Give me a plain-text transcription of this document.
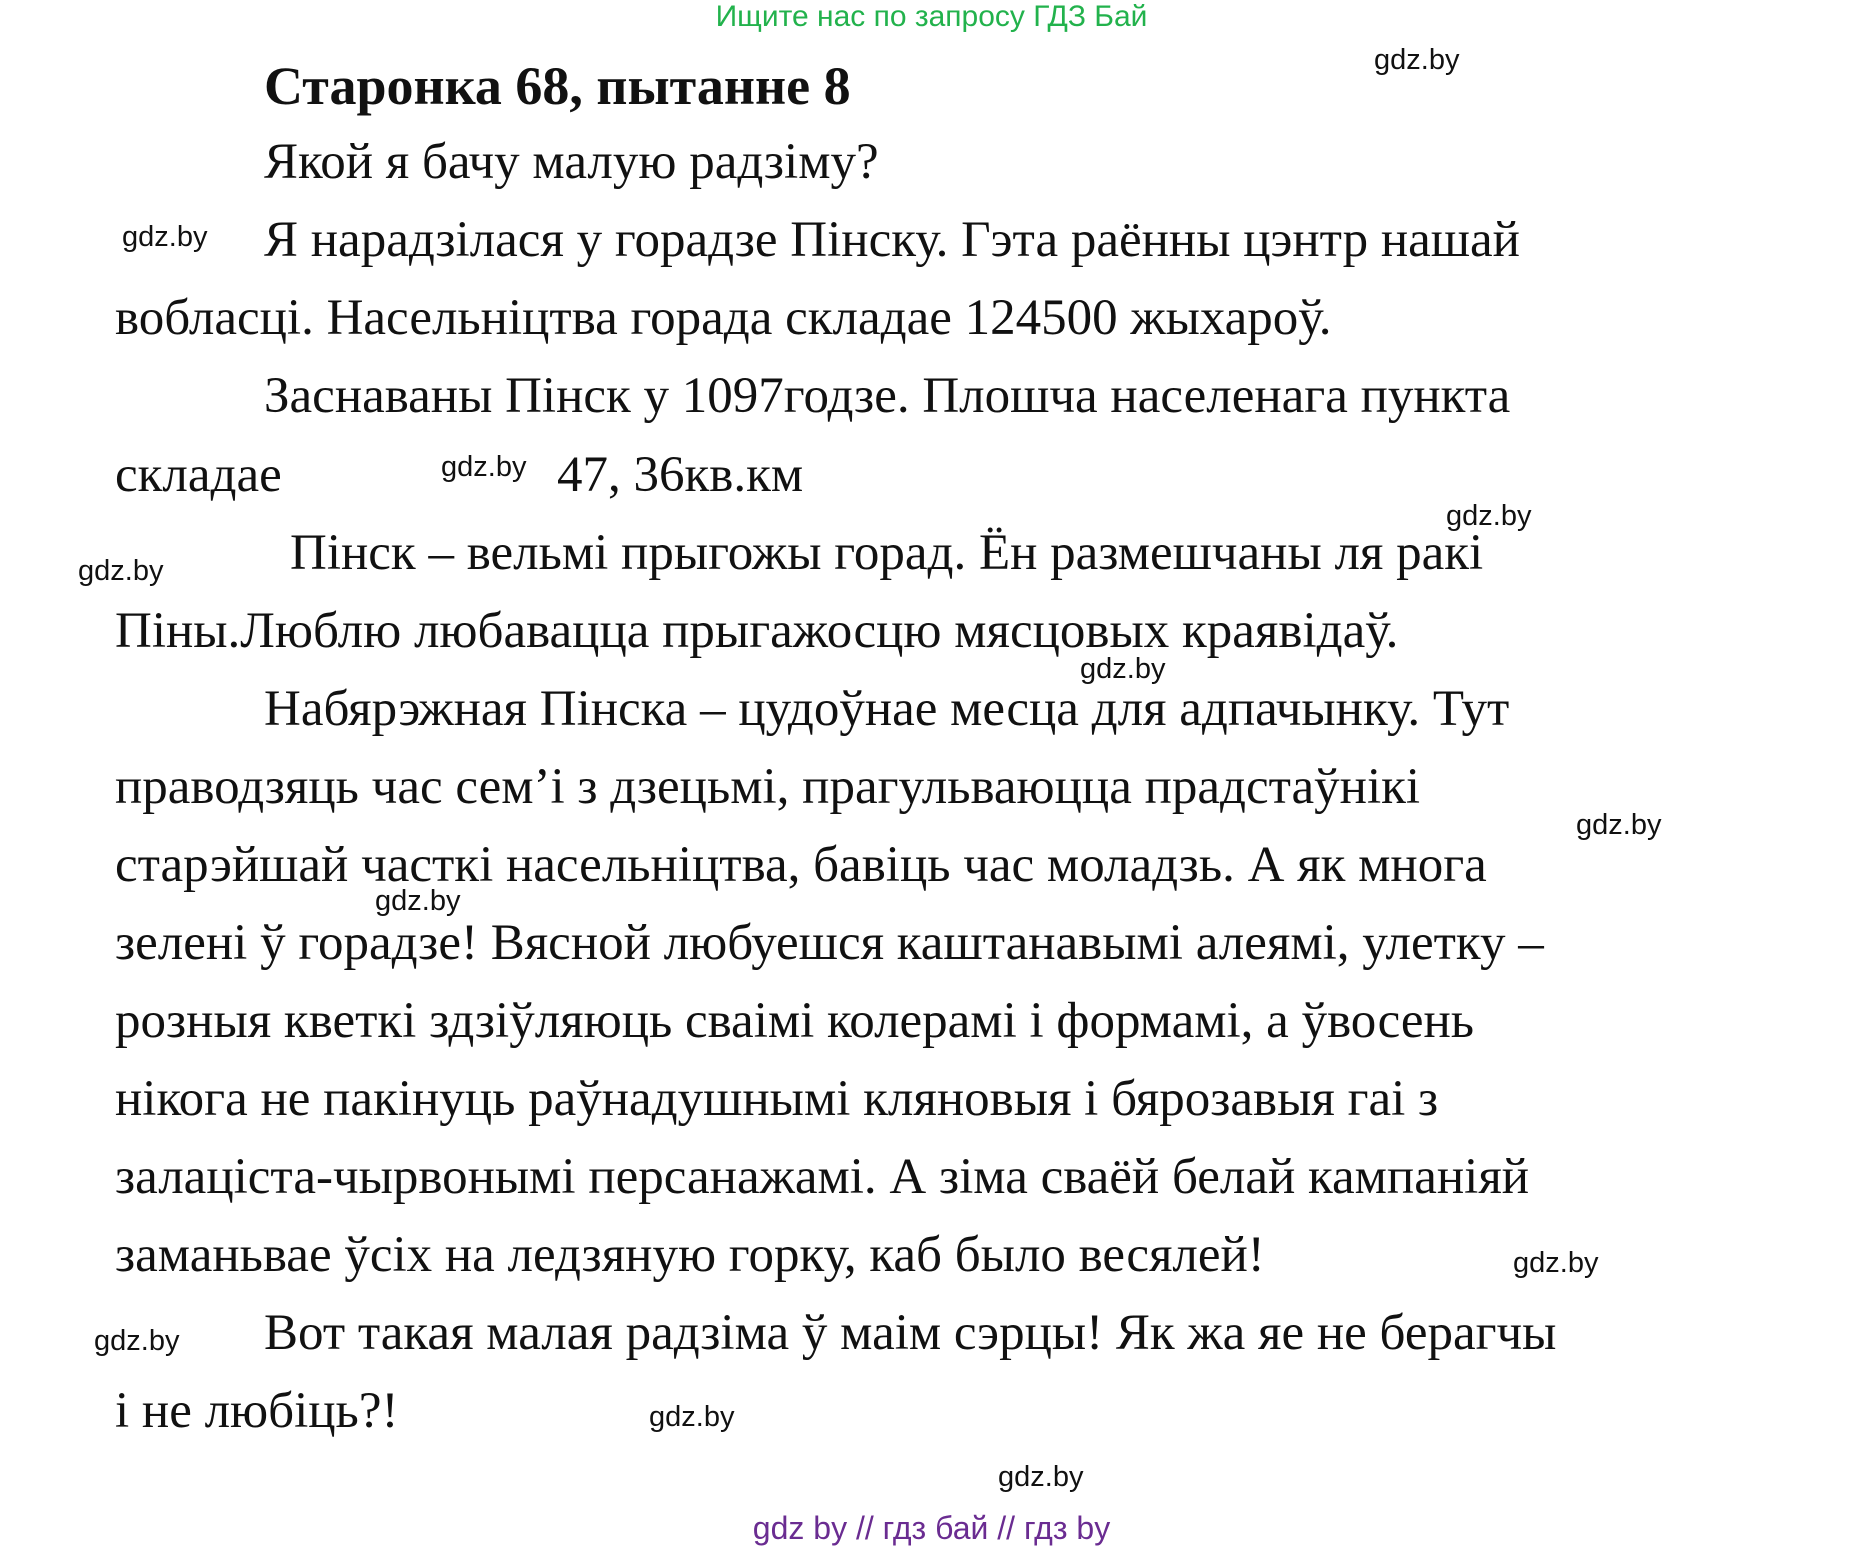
Ищите нас по запросу ГДЗ Бай
Старонка 68, пытанне 8
Якой я бачу малую радзіму?
Я нарадзілася у горадзе Пінску. Гэта раённы цэнтр нашай
вобласці. Насельніцтва горада складае 124500 жыхароў.
Заснаваны Пінск у 1097годзе. Плошча населенага пункта
складае	47, 36кв.км
Пінск – вельмі прыгожы горад. Ён размешчаны ля ракі
Піны.Люблю любавацца прыгажосцю мясцовых краявідаў.
Набярэжная Пінска – цудоўнае месца для адпачынку. Тут
праводзяць час сем’і з дзецьмі, прагульваюцца прадстаўнікі
старэйшай часткі насельніцтва, бавіць час моладзь. А як многа
зелені ў горадзе! Вясной любуешся каштанавымі алеямі, улетку –
розныя кветкі здзіўляюць сваімі колерамі і формамі, а ўвосень
нікога не пакінуць раўнадушнымі кляновыя і бярозавыя гаі з
залаціста-чырвонымі персанажамі. А зіма сваёй белай кампаніяй
заманьвае ўсіх на ледзяную горку, каб было весялей!
Вот такая малая радзіма ў маім сэрцы! Як жа яе не берагчы
і не любіць?!
gdz.by
gdz.by
gdz.by
gdz.by
gdz.by
gdz.by
gdz.by
gdz.by
gdz.by
gdz.by
gdz.by
gdz.by
gdz by // гдз бай // гдз by
